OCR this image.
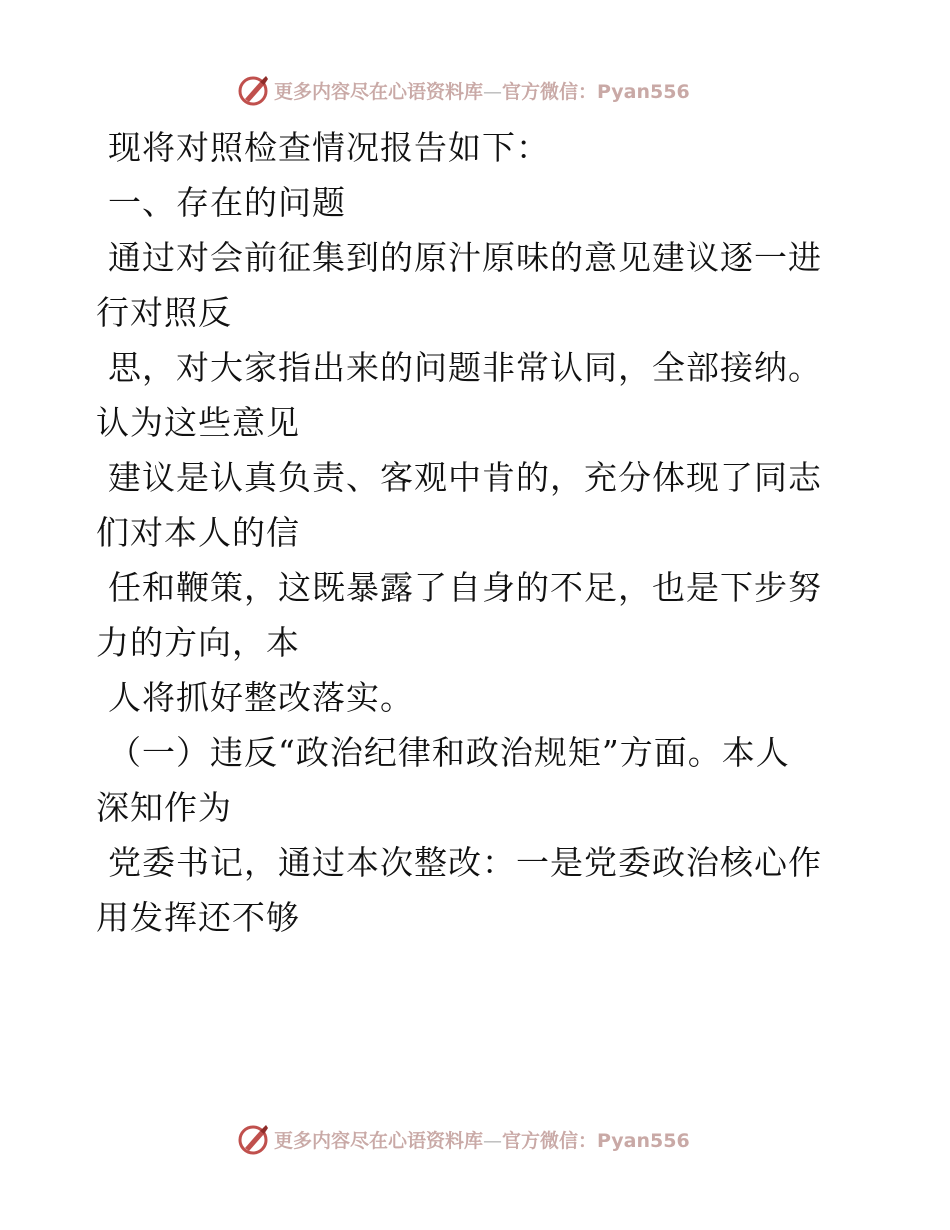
更多内容尽在心语资料库—官方微信：Pyan556
现将对照检查情况报告如下：
一、存在的问题
通过对会前征集到的原汁原味的意见建议逐一进
行对照反
思，对大家指出来的问题非常认同，全部接纳。
认为这些意见
建议是认真负责、客观中肯的，充分体现了同志
们对本人的信
任和鞭策，这既暴露了自身的不足，也是下步努
力的方向，本
人将抓好整改落实。
（一）违反“政治纪律和政治规矩”方面。本人
深知作为
党委书记，通过本次整改：一是党委政治核心作
用发挥还不够
更多内容尽在心语资料库—官方微信：Pyan556
